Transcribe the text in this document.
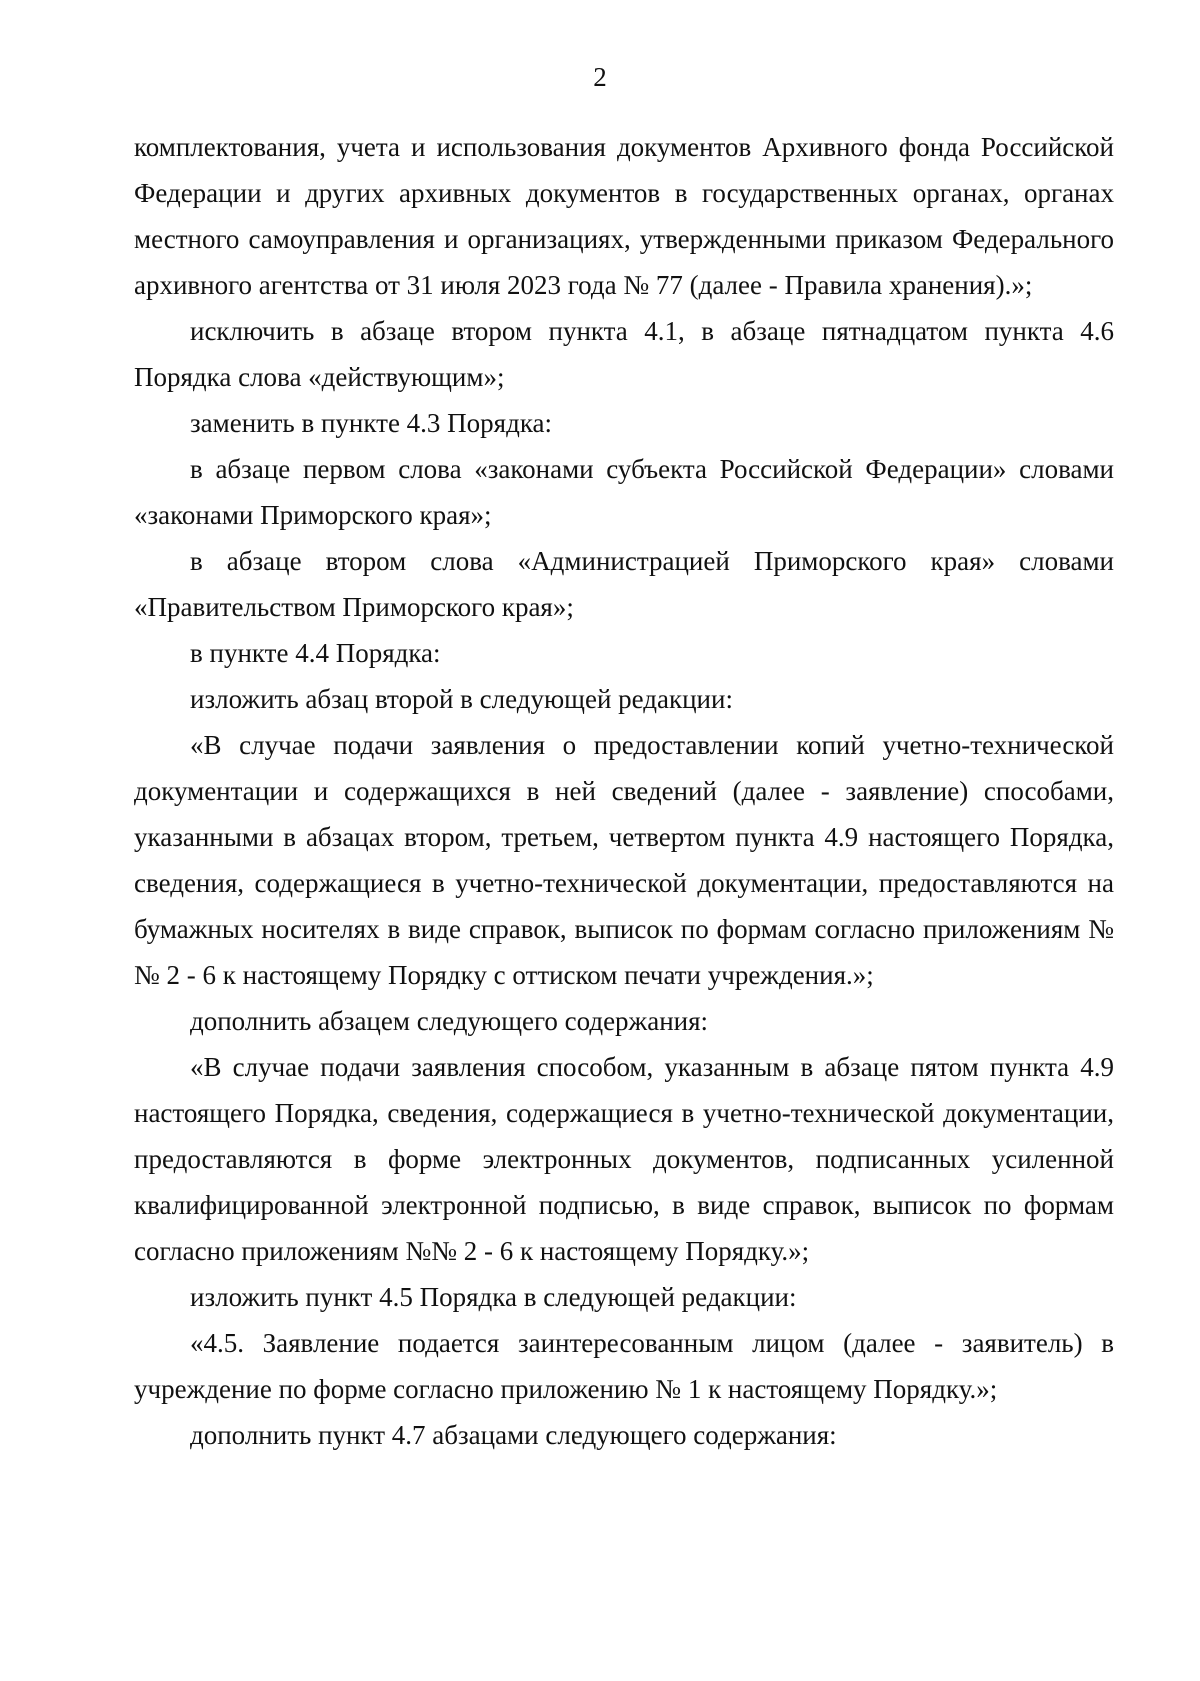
2

комплектования, учета и использования документов Архивного фонда Российской Федерации и других архивных документов в государственных органах, органах местного самоуправления и организациях, утвержденными приказом Федерального архивного агентства от 31 июля 2023 года № 77 (далее - Правила хранения).»;

исключить в абзаце втором пункта 4.1, в абзаце пятнадцатом пункта 4.6 Порядка слова «действующим»;

заменить в пункте 4.3 Порядка:

в абзаце первом слова «законами субъекта Российской Федерации» словами «законами Приморского края»;

в абзаце втором слова «Администрацией Приморского края» словами «Правительством Приморского края»;

в пункте 4.4 Порядка:

изложить абзац второй в следующей редакции:

«В случае подачи заявления о предоставлении копий учетно-технической документации и содержащихся в ней сведений (далее - заявление) способами, указанными в абзацах втором, третьем, четвертом пункта 4.9 настоящего Порядка, сведения, содержащиеся в учетно-технической документации, предоставляются на бумажных носителях в виде справок, выписок по формам согласно приложениям №№ 2 - 6 к настоящему Порядку с оттиском печати учреждения.»;

дополнить абзацем следующего содержания:

«В случае подачи заявления способом, указанным в абзаце пятом пункта 4.9 настоящего Порядка, сведения, содержащиеся в учетно-технической документации, предоставляются в форме электронных документов, подписанных усиленной квалифицированной электронной подписью, в виде справок, выписок по формам согласно приложениям №№ 2 - 6 к настоящему Порядку.»;

изложить пункт 4.5 Порядка в следующей редакции:

«4.5. Заявление подается заинтересованным лицом (далее - заявитель) в учреждение по форме согласно приложению № 1 к настоящему Порядку.»;

дополнить пункт 4.7 абзацами следующего содержания:
